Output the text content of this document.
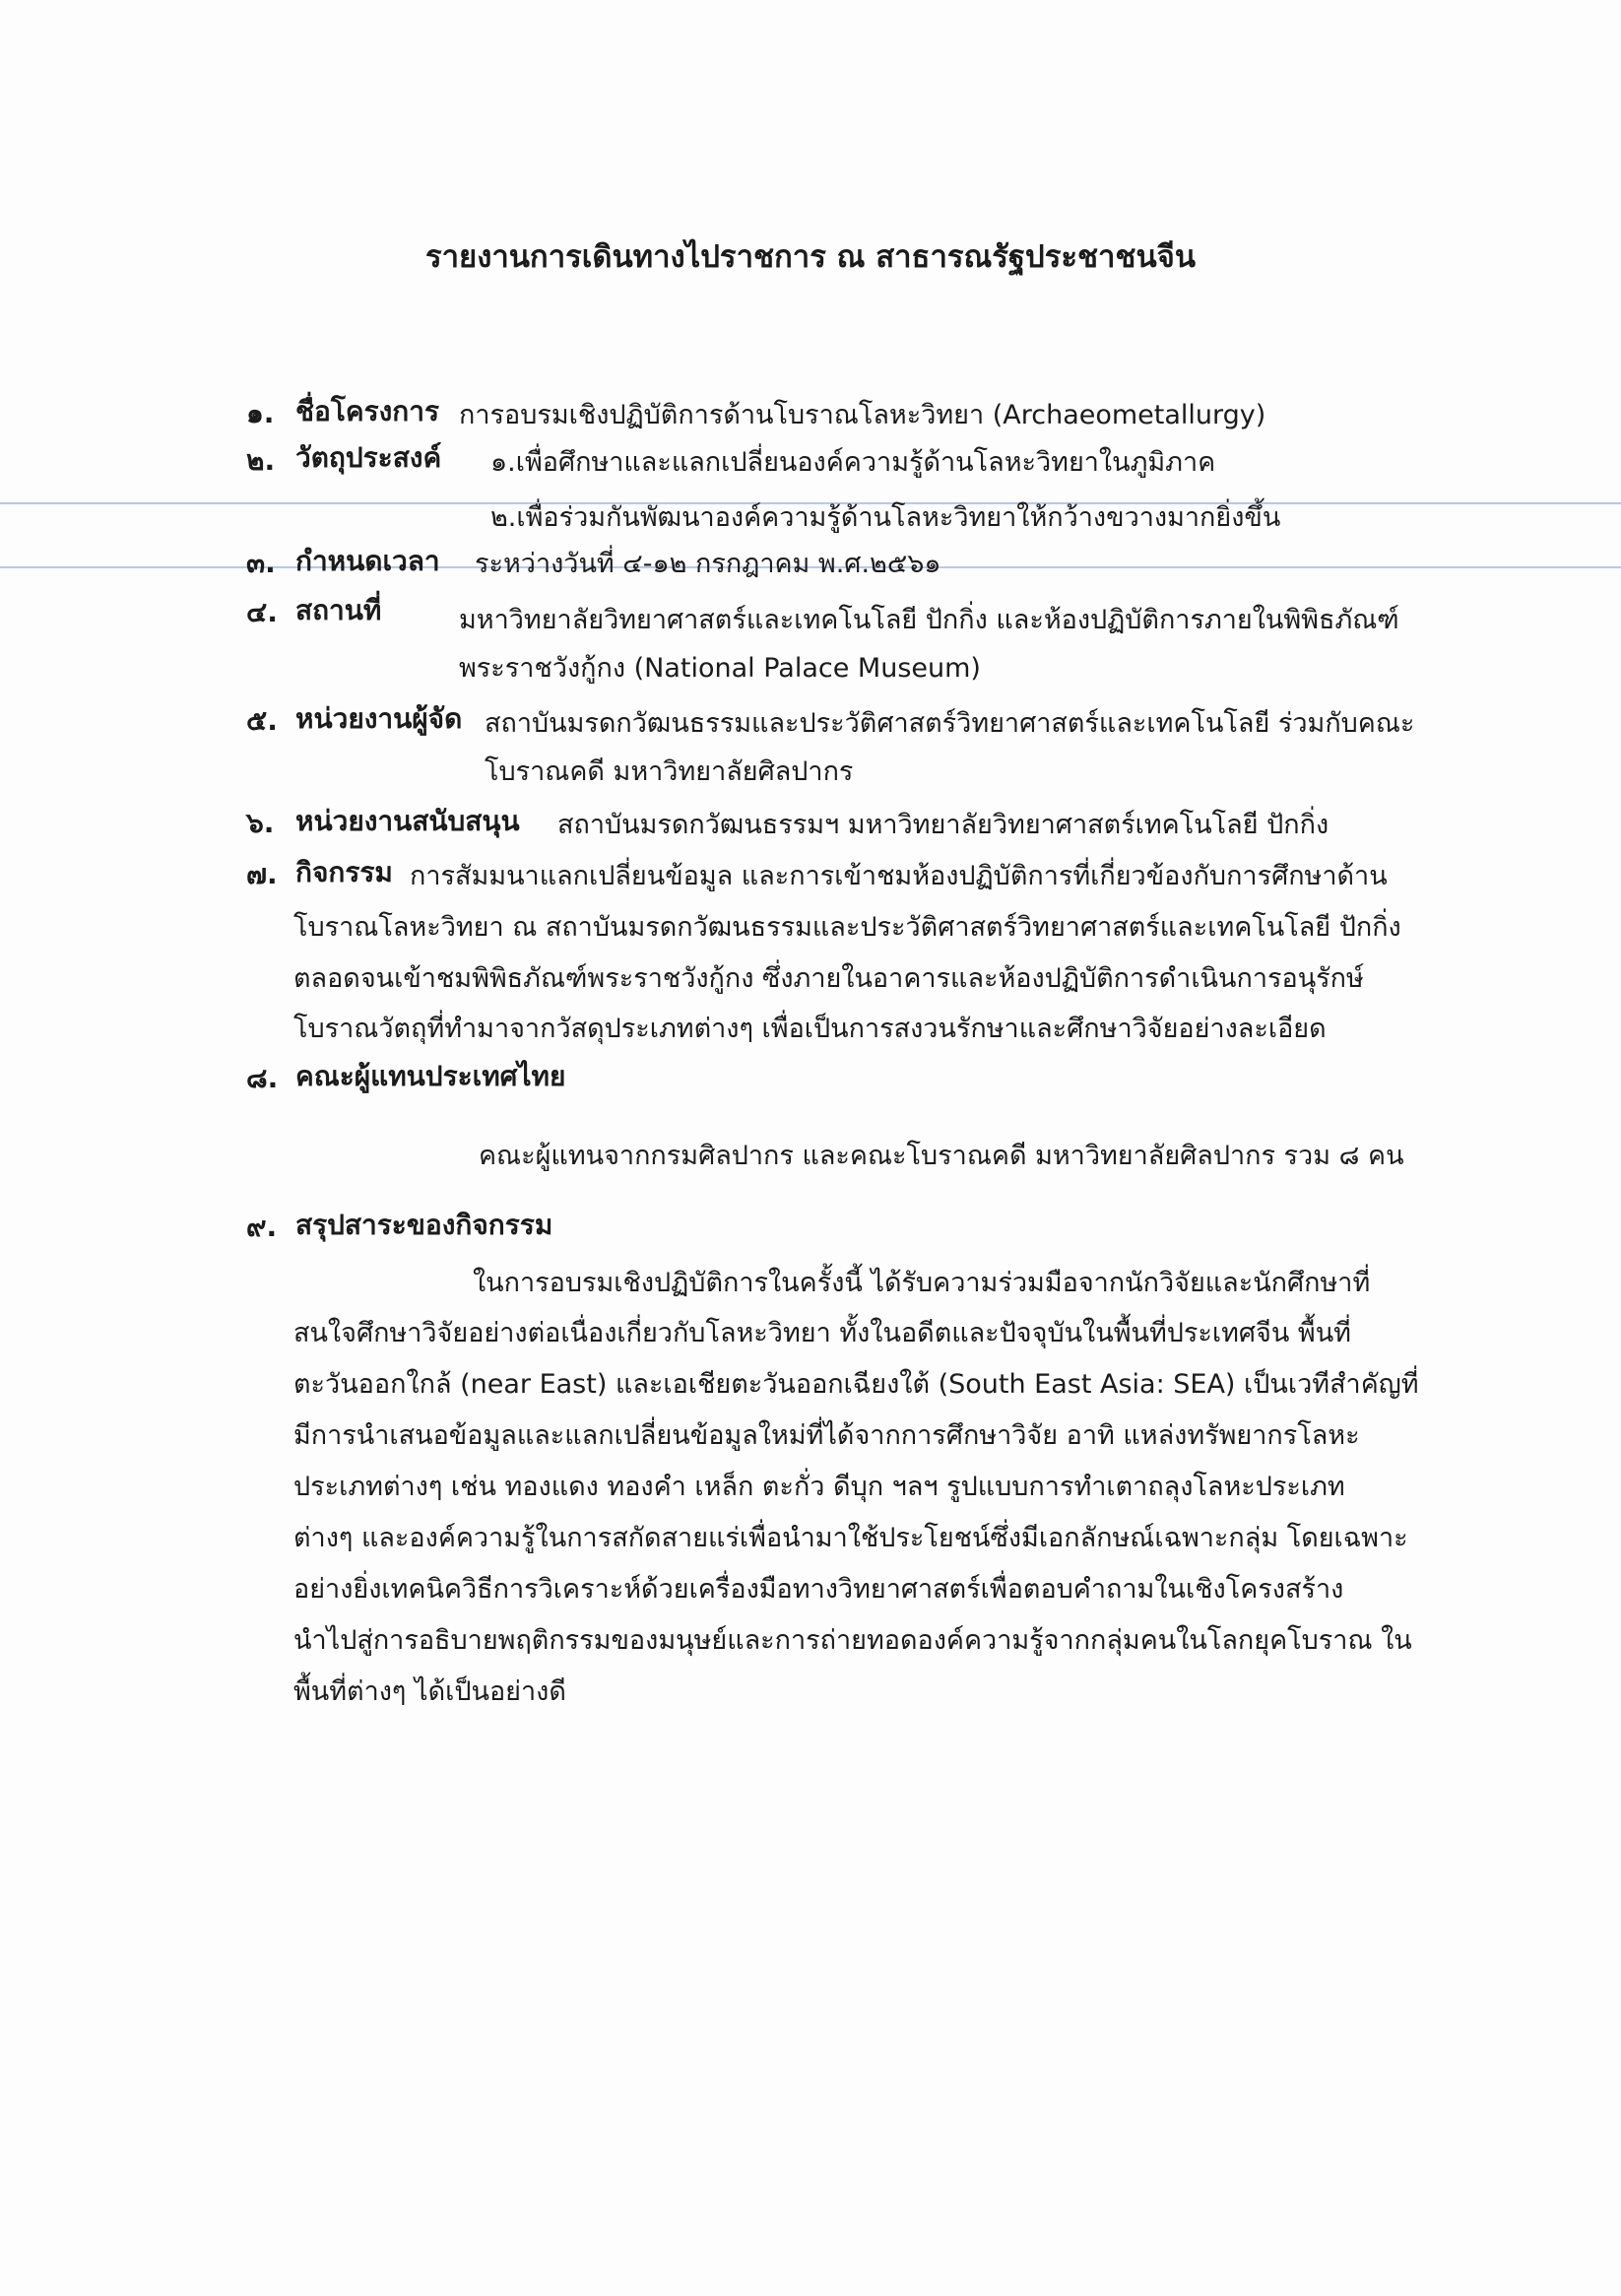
รายงานการเดินทางไปราชการ ณ สาธารณรัฐประชาชนจีน
๑. ชื่อโครงการ การอบรมเชิงปฏิบัติการด้านโบราณโลหะวิทยา (Archaeometallurgy)
๒. วัตถุประสงค์ ๑.เพื่อศึกษาและแลกเปลี่ยนองค์ความรู้ด้านโลหะวิทยาในภูมิภาค
๒.เพื่อร่วมกันพัฒนาองค์ความรู้ด้านโลหะวิทยาให้กว้างขวางมากยิ่งขึ้น
๓. กำหนดเวลา ระหว่างวันที่ ๔-๑๒ กรกฎาคม พ.ศ.๒๕๖๑
๔. สถานที่	มหาวิทยาลัยวิทยาศาสตร์และเทคโนโลยี ปักกิ่ง และห้องปฏิบัติการภายในพิพิธภัณฑ์
พระราชวังกู้กง (National Palace Museum)
๕. หน่วยงานผู้จัด สถาบันมรดกวัฒนธรรมและประวัติศาสตร์วิทยาศาสตร์และเทคโนโลยี ร่วมกับคณะ
โบราณคดี มหาวิทยาลัยศิลปากร
๖. หน่วยงานสนับสนุน สถาบันมรดกวัฒนธรรมฯ มหาวิทยาลัยวิทยาศาสตร์เทคโนโลยี ปักกิ่ง
๗. กิจกรรม การสัมมนาแลกเปลี่ยนข้อมูล และการเข้าชมห้องปฏิบัติการที่เกี่ยวข้องกับการศึกษาด้าน
โบราณโลหะวิทยา ณ สถาบันมรดกวัฒนธรรมและประวัติศาสตร์วิทยาศาสตร์และเทคโนโลยี ปักกิ่ง
ตลอดจนเข้าชมพิพิธภัณฑ์พระราชวังกู้กง ซึ่งภายในอาคารและห้องปฏิบัติการดำเนินการอนุรักษ์
โบราณวัตถุที่ทำมาจากวัสดุประเภทต่างๆ เพื่อเป็นการสงวนรักษาและศึกษาวิจัยอย่างละเอียด
๘. คณะผู้แทนประเทศไทย
คณะผู้แทนจากกรมศิลปากร และคณะโบราณคดี มหาวิทยาลัยศิลปากร รวม ๘ คน
๙. สรุปสาระของกิจกรรม
ในการอบรมเชิงปฏิบัติการในครั้งนี้ ได้รับความร่วมมือจากนักวิจัยและนักศึกษาที่
สนใจศึกษาวิจัยอย่างต่อเนื่องเกี่ยวกับโลหะวิทยา ทั้งในอดีตและปัจจุบันในพื้นที่ประเทศจีน พื้นที่
ตะวันออกใกล้ (near East) และเอเชียตะวันออกเฉียงใต้ (South East Asia: SEA) เป็นเวทีสำคัญที่
มีการนำเสนอข้อมูลและแลกเปลี่ยนข้อมูลใหม่ที่ได้จากการศึกษาวิจัย อาทิ แหล่งทรัพยากรโลหะ
ประเภทต่างๆ เช่น ทองแดง ทองคำ เหล็ก ตะกั่ว ดีบุก ฯลฯ รูปแบบการทำเตาถลุงโลหะประเภท
ต่างๆ และองค์ความรู้ในการสกัดสายแร่เพื่อนำมาใช้ประโยชน์ซึ่งมีเอกลักษณ์เฉพาะกลุ่ม โดยเฉพาะ
อย่างยิ่งเทคนิควิธีการวิเคราะห์ด้วยเครื่องมือทางวิทยาศาสตร์เพื่อตอบคำถามในเชิงโครงสร้าง
นำไปสู่การอธิบายพฤติกรรมของมนุษย์และการถ่ายทอดองค์ความรู้จากกลุ่มคนในโลกยุคโบราณ ใน
พื้นที่ต่างๆ ได้เป็นอย่างดี
